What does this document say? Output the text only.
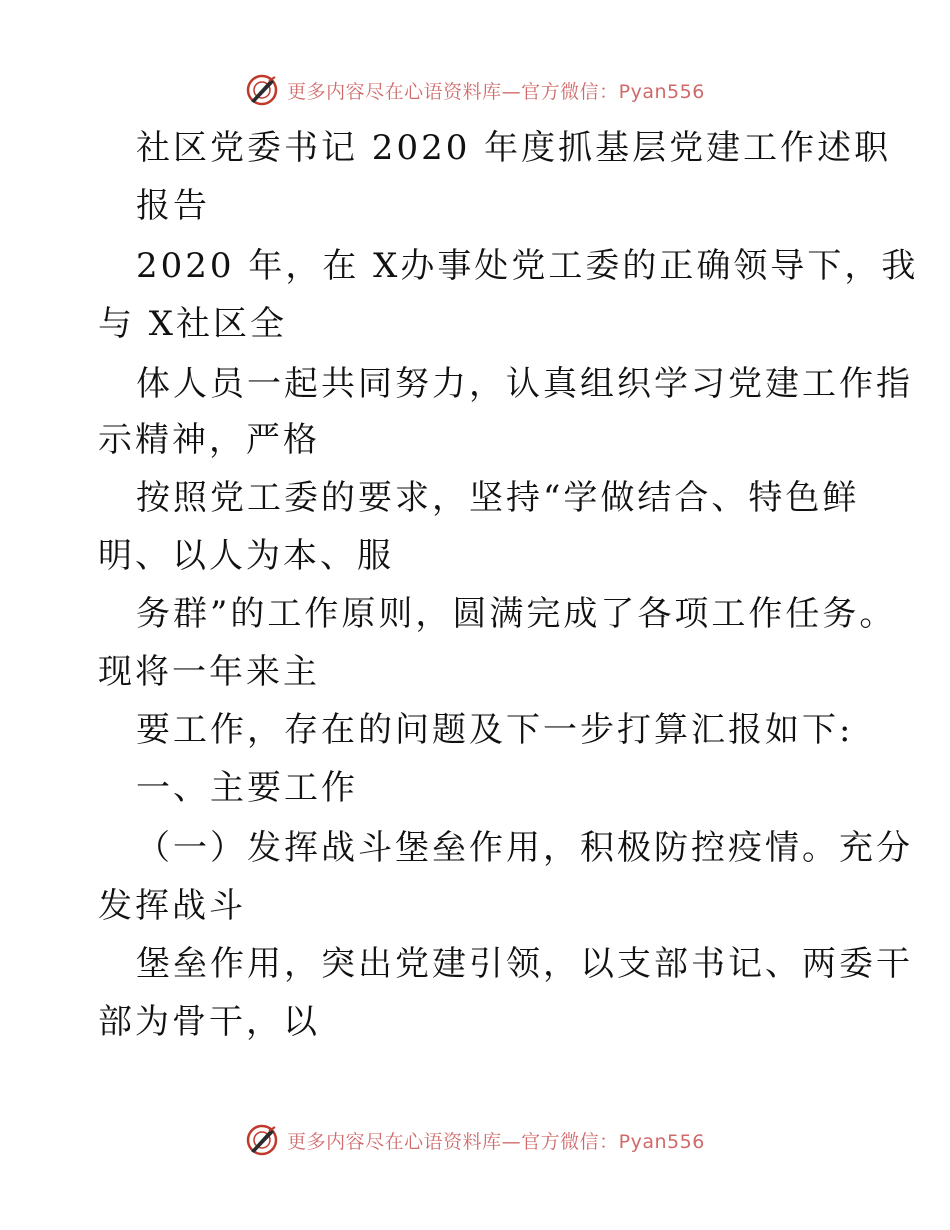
更多内容尽在心语资料库—官方微信：Pyan556
社区党委书记 2020 年度抓基层党建工作述职
报告
2020 年，在 X办事处党工委的正确领导下，我
与 X社区全
体人员一起共同努力，认真组织学习党建工作指
示精神，严格
按照党工委的要求，坚持“学做结合、特色鲜
明、以人为本、服
务群”的工作原则，圆满完成了各项工作任务。
现将一年来主
要工作，存在的问题及下一步打算汇报如下:
一、主要工作
（一）发挥战斗堡垒作用，积极防控疫情。充分
发挥战斗
堡垒作用，突出党建引领，以支部书记、两委干
部为骨干，以
更多内容尽在心语资料库—官方微信：Pyan556
